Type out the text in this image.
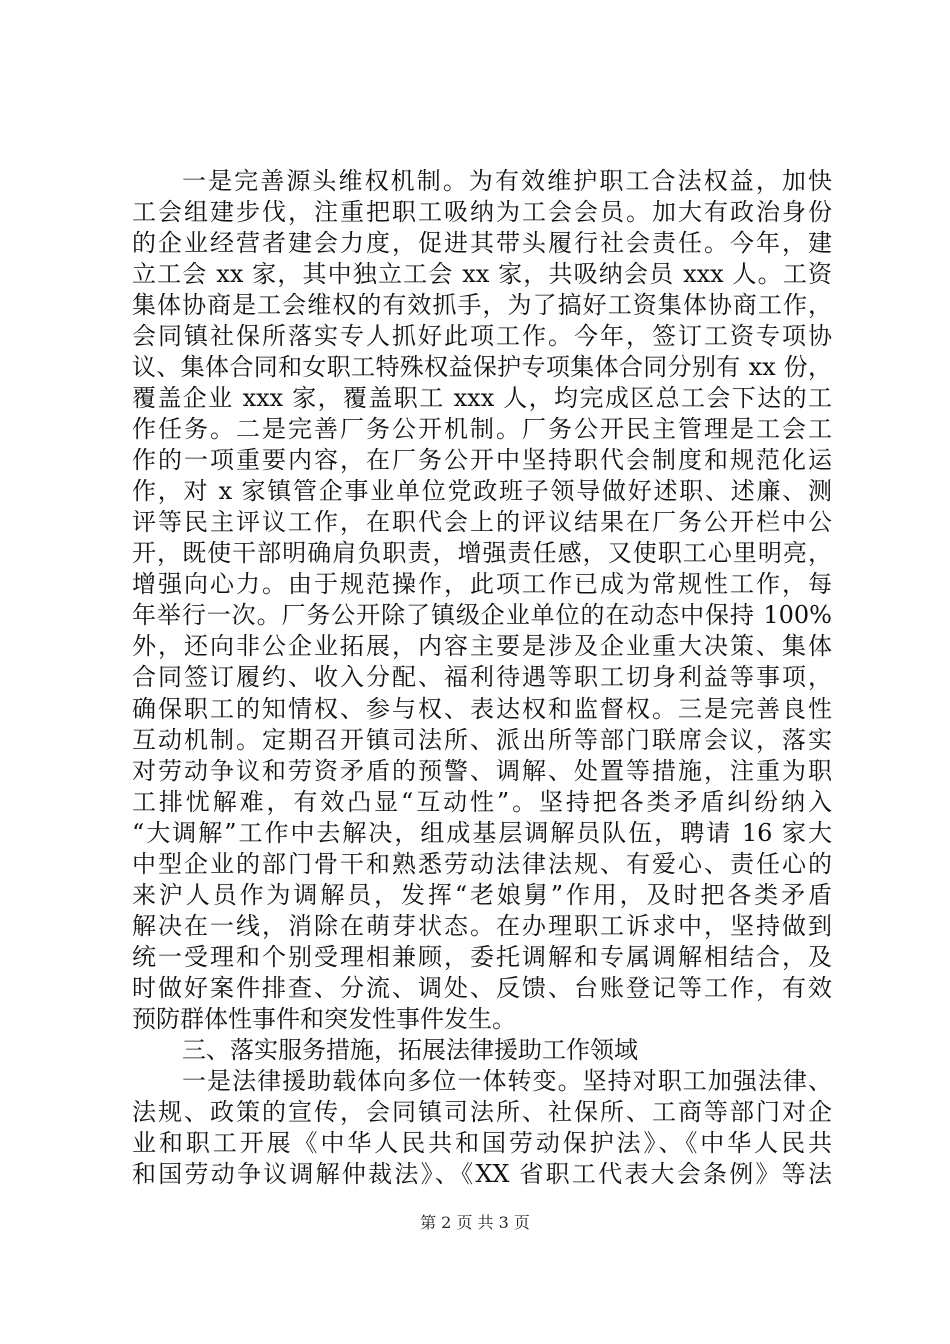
一是完善源头维权机制。为有效维护职工合法权益，加快
工会组建步伐，注重把职工吸纳为工会会员。加大有政治身份
的企业经营者建会力度，促进其带头履行社会责任。今年，建
立工会 xx 家，其中独立工会 xx 家，共吸纳会员 xxx 人。工资
集体协商是工会维权的有效抓手，为了搞好工资集体协商工作，
会同镇社保所落实专人抓好此项工作。今年，签订工资专项协
议、集体合同和女职工特殊权益保护专项集体合同分别有 xx 份，
覆盖企业 xxx 家，覆盖职工 xxx 人，均完成区总工会下达的工
作任务。二是完善厂务公开机制。厂务公开民主管理是工会工
作的一项重要内容，在厂务公开中坚持职代会制度和规范化运
作，对 x 家镇管企事业单位党政班子领导做好述职、述廉、测
评等民主评议工作，在职代会上的评议结果在厂务公开栏中公
开，既使干部明确肩负职责，增强责任感，又使职工心里明亮，
增强向心力。由于规范操作，此项工作已成为常规性工作，每
年举行一次。厂务公开除了镇级企业单位的在动态中保持 100%
外，还向非公企业拓展，内容主要是涉及企业重大决策、集体
合同签订履约、收入分配、福利待遇等职工切身利益等事项，
确保职工的知情权、参与权、表达权和监督权。三是完善良性
互动机制。定期召开镇司法所、派出所等部门联席会议，落实
对劳动争议和劳资矛盾的预警、调解、处置等措施，注重为职
工排忧解难，有效凸显“互动性”。坚持把各类矛盾纠纷纳入
“大调解”工作中去解决，组成基层调解员队伍，聘请 16 家大
中型企业的部门骨干和熟悉劳动法律法规、有爱心、责任心的
来沪人员作为调解员，发挥“老娘舅”作用，及时把各类矛盾
解决在一线，消除在萌芽状态。在办理职工诉求中，坚持做到
统一受理和个别受理相兼顾，委托调解和专属调解相结合，及
时做好案件排查、分流、调处、反馈、台账登记等工作，有效
预防群体性事件和突发性事件发生。
三、落实服务措施，拓展法律援助工作领域
一是法律援助载体向多位一体转变。坚持对职工加强法律、
法规、政策的宣传，会同镇司法所、社保所、工商等部门对企
业和职工开展《中华人民共和国劳动保护法》、《中华人民共
和国劳动争议调解仲裁法》、《XX 省职工代表大会条例》等法
第 2 页 共 3 页
